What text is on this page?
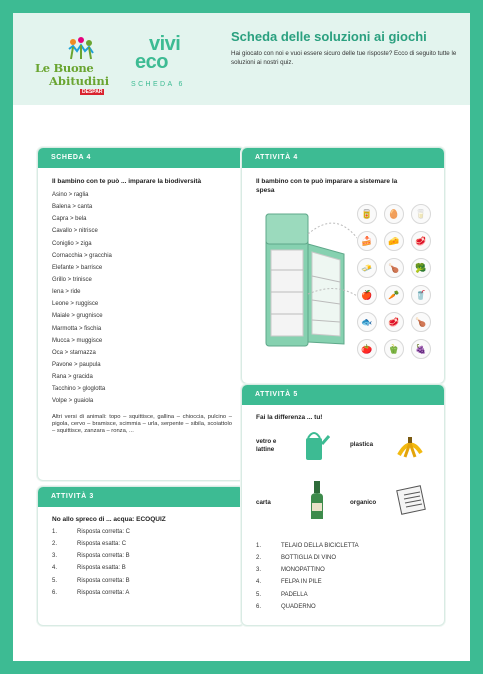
Le Buone
Abitudini
DESPAR
vivi
eco
SCHEDA 6
Scheda delle soluzioni ai giochi

Hai giocato con noi e vuoi essere sicuro delle tue risposte? Ecco di seguito tutte le soluzioni ai nostri quiz.

SCHEDA 4
Il bambino con te può ... imparare la biodiversità
Asino > raglia
Balena > canta
Capra > bela
Cavallo > nitrisce
Coniglio > ziga
Cornacchia > gracchia
Elefante > barrisce
Grillo > trinisce
Iena > ride
Leone > ruggisce
Maiale > grugnisce
Marmotta > fischia
Mucca > muggisce
Oca > starnazza
Pavone > paupula
Rana > gracida
Tacchino > gloglotta
Volpe > guaiola

Altri versi di animali: topo – squittisce, gallina – chioccia, pulcino – pigola, cervo – bramisce, scimmia – urla, serpente – sibila, scoiattolo – squittisce, zanzara – ronza, ...

ATTIVITÀ 3
No allo spreco di ... acqua: ECOQUIZ
1.	Risposta corretta: C
2.	Risposta esatta: C
3.	Risposta corretta: B
4.	Risposta esatta: B
5.	Risposta corretta: B
6.	Risposta corretta: A
ATTIVITÀ 4
Il bambino con te può imparare a sistemare la spesa
🥫	🥚	🥛
🍰	🧀	🥩
🧈	🍗	🥦
🍎	🥕	🥤
🐟	🥩	🍗
🍅	🫑	🍇
ATTIVITÀ 5
Fai la differenza ... tu!
vetro e lattine
plastica
carta	organico
1.	TELAIO DELLA BICICLETTA
2.	BOTTIGLIA DI VINO
3.	MONOPATTINO
4.	FELPA IN PILE
5.	PADELLA
6.	QUADERNO
